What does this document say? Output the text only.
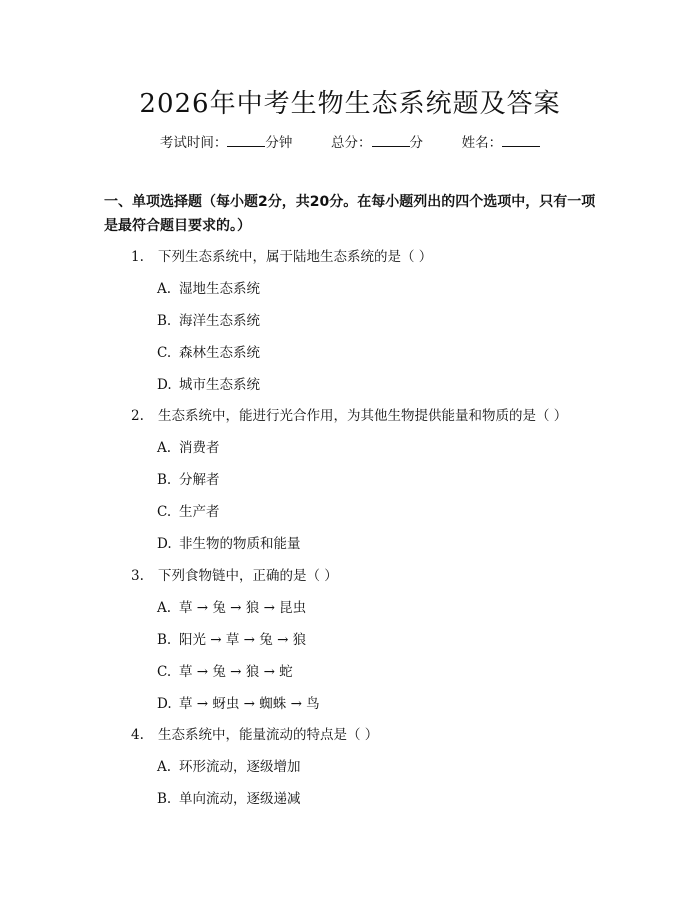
2026年中考生物生态系统题及答案
考试时间：	分钟	总分：	分	姓名：
一、单项选择题（每小题2分，共20分。在每小题列出的四个选项中，只有一项是最符合题目要求的。）
1. 下列生态系统中，属于陆地生态系统的是（ ）
A. 湿地生态系统
B. 海洋生态系统
C. 森林生态系统
D. 城市生态系统
2. 生态系统中，能进行光合作用，为其他生物提供能量和物质的是（ ）
A. 消费者
B. 分解者
C. 生产者
D. 非生物的物质和能量
3. 下列食物链中，正确的是（ ）
A. 草 → 兔 → 狼 → 昆虫
B. 阳光 → 草 → 兔 → 狼
C. 草 → 兔 → 狼 → 蛇
D. 草 → 蚜虫 → 蜘蛛 → 鸟
4. 生态系统中，能量流动的特点是（ ）
A. 环形流动，逐级增加
B. 单向流动，逐级递减
